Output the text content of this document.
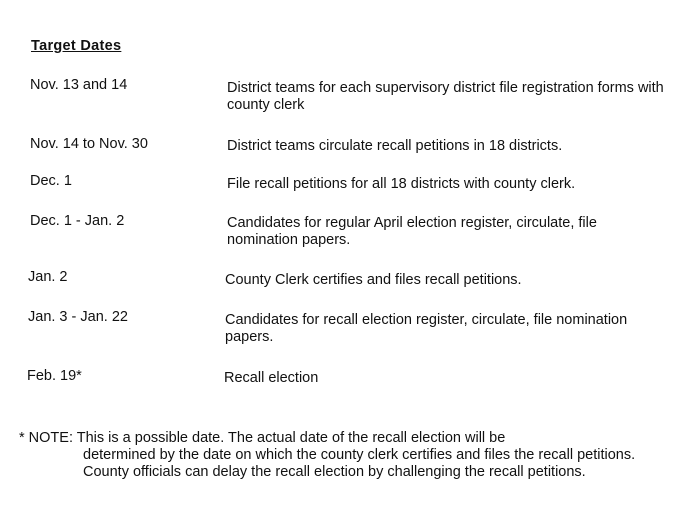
Target Dates
Nov. 13 and 14	District teams for each supervisory district file registration forms with county clerk
Nov. 14 to Nov. 30	District teams circulate recall petitions in 18 districts.
Dec. 1	File recall petitions for all 18 districts with county clerk.
Dec. 1 - Jan. 2	Candidates for regular April election register, circulate, file nomination papers.
Jan. 2	County Clerk certifies and files recall petitions.
Jan. 3 - Jan. 22	Candidates for recall election register, circulate, file nomination papers.
Feb. 19*	Recall election
* NOTE: This is a possible date. The actual date of the recall election will be
determined by the date on which the county clerk certifies and files the recall petitions. County officials can delay the recall election by challenging the recall petitions.
